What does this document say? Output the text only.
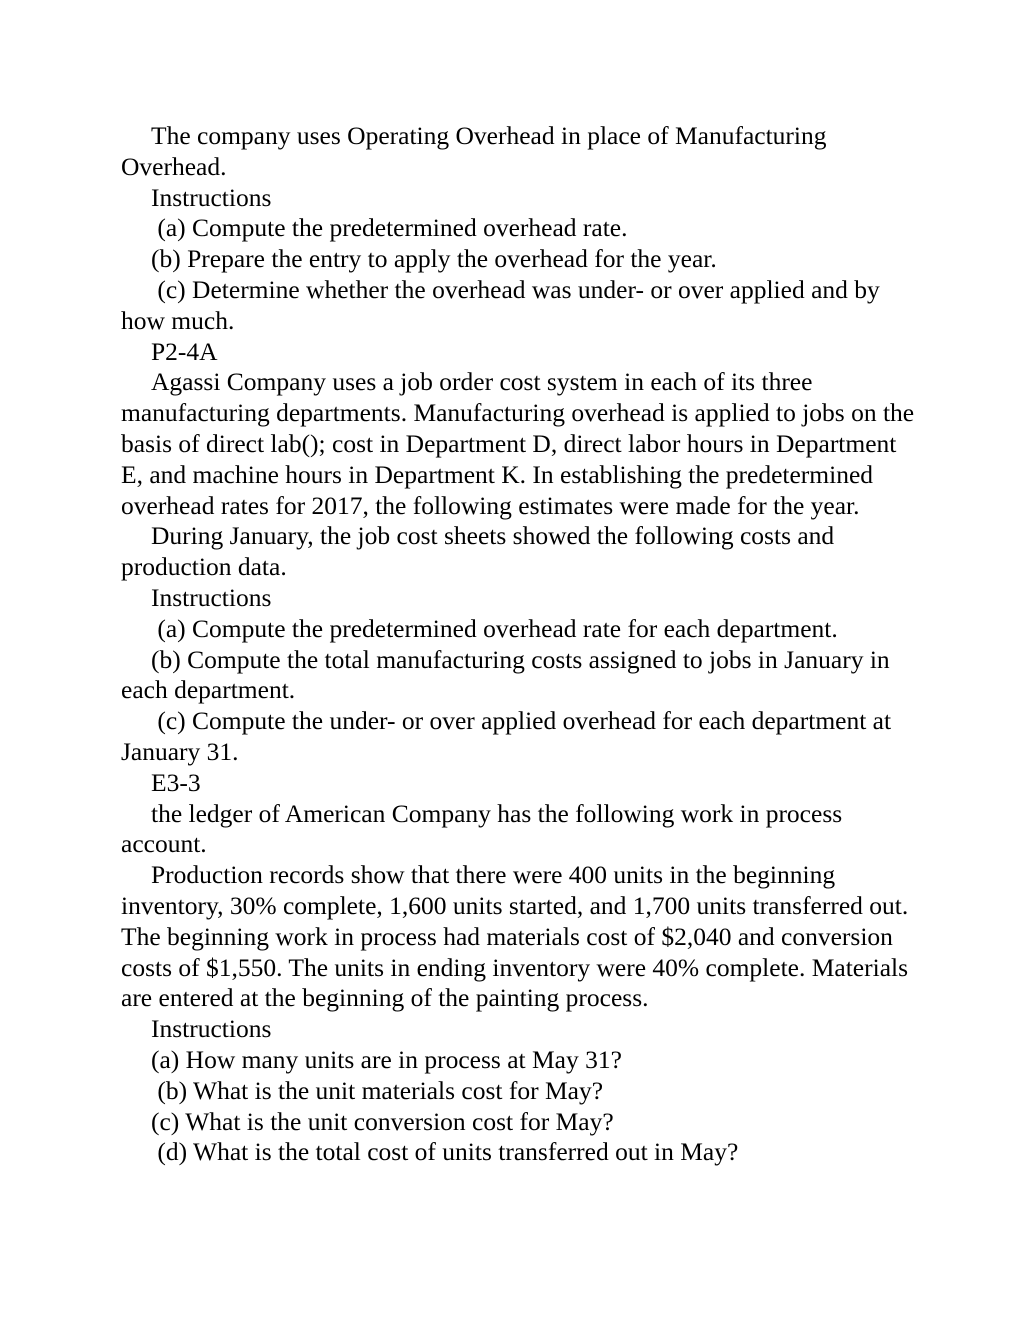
The company uses Operating Overhead in place of Manufacturing Overhead.

Instructions

(a) Compute the predetermined overhead rate.

(b) Prepare the entry to apply the overhead for the year.

(c) Determine whether the overhead was under- or over applied and by how much.

P2-4A

Agassi Company uses a job order cost system in each of its three manufacturing departments. Manufacturing overhead is applied to jobs on the basis of direct lab(); cost in Department D, direct labor hours in Department E, and machine hours in Department K. In establishing the predetermined overhead rates for 2017, the following estimates were made for the year.

During January, the job cost sheets showed the following costs and production data.

Instructions

(a) Compute the predetermined overhead rate for each department.

(b) Compute the total manufacturing costs assigned to jobs in January in each department.

(c) Compute the under- or over applied overhead for each department at January 31.

E3-3

the ledger of American Company has the following work in process account.

Production records show that there were 400 units in the beginning inventory, 30% complete, 1,600 units started, and 1,700 units transferred out. The beginning work in process had materials cost of $2,040 and conversion costs of $1,550. The units in ending inventory were 40% complete. Materials are entered at the beginning of the painting process.

Instructions

(a) How many units are in process at May 31?

(b) What is the unit materials cost for May?

(c) What is the unit conversion cost for May?

(d) What is the total cost of units transferred out in May?
